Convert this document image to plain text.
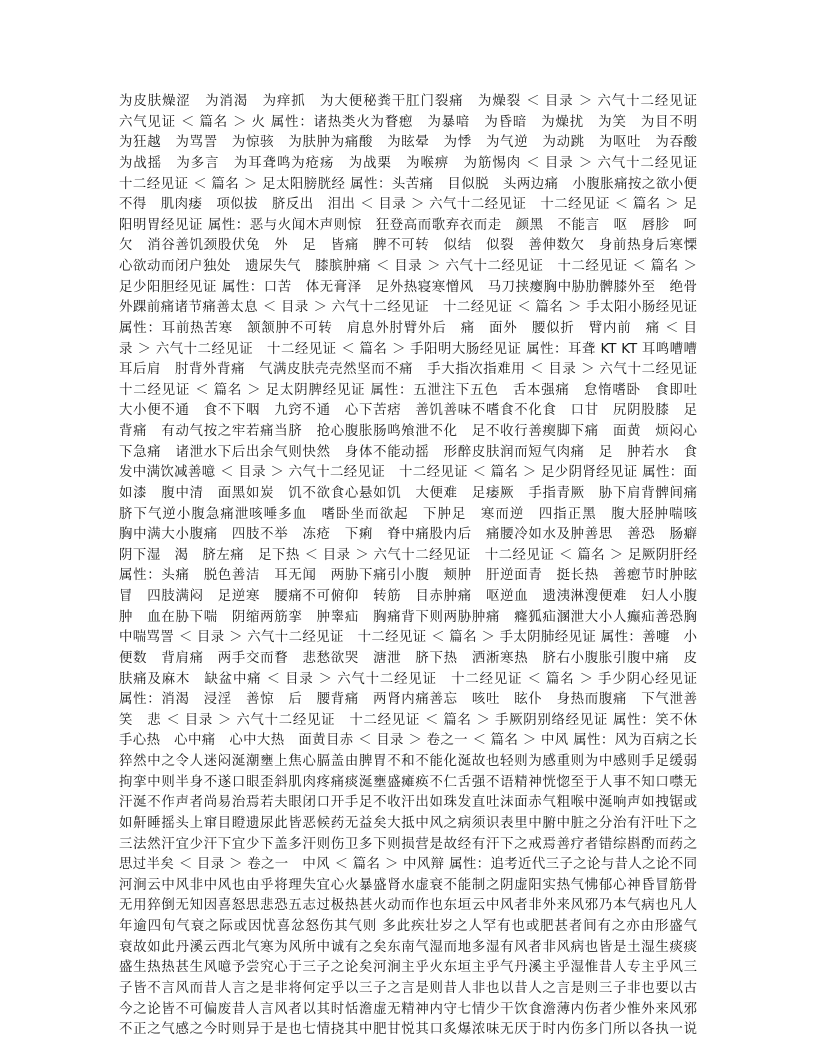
为皮肤燥涩　为消渴　为痒抓　为大便秘粪干肛门裂痛　为燥裂 ＜ 目录 ＞ 六气十二经见证

六气见证 ＜ 篇名 ＞ 火 属性：诸热类火为瞀瘛　为暴喑　为昏暗　为燥扰　为笑　为目不明

为狂越　为骂詈　为惊骇　为肤肿为痛酸　为眩晕　为悸　为气逆　为动跳　为呕吐　为吞酸

为战摇　为多言　为耳聋鸣为疮疡　为战栗　为喉痹　为筋惕肉 ＜ 目录 ＞ 六气十二经见证

十二经见证 ＜ 篇名 ＞ 足太阳膀胱经 属性：头苦痛　目似脱　头两边痛　小腹胀痛按之欲小便

不得　肌肉痿　项似拔　脐反出　泪出 ＜ 目录 ＞ 六气十二经见证　十二经见证 ＜ 篇名 ＞ 足

阳明胃经见证 属性：恶与火闻木声则惊　狂登高而歌弃衣而走　颜黑　不能言　呕　唇胗　呵

欠　消谷善饥颈股伏兔　外　足　皆痛　脾不可转　似结　似裂　善伸数欠　身前热身后寒慄

心欲动而闭户独处　遗尿失气　膝膑肿痛 ＜ 目录 ＞ 六气十二经见证　十二经见证 ＜ 篇名 ＞

足少阳胆经见证 属性：口苦　体无膏泽　足外热寝寒憎风　马刀挟瘿胸中胁肋髀膝外至　绝骨

外踝前痛诸节痛善太息 ＜ 目录 ＞ 六气十二经见证　十二经见证 ＜ 篇名 ＞ 手太阳小肠经见证

属性：耳前热苦寒　颔颔肿不可转　肩息外肘臂外后　痛　面外　腰似折　臂内前　痛 ＜ 目

录 ＞ 六气十二经见证　十二经见证 ＜ 篇名 ＞ 手阳明大肠经见证 属性：耳聋 KT KT 耳鸣嘈嘈

耳后肩　肘背外背痛　气满皮肤壳壳然坚而不痛　手大指次指难用 ＜ 目录 ＞ 六气十二经见证

十二经见证 ＜ 篇名 ＞ 足太阴脾经见证 属性：五泄注下五色　舌本强痛　怠惰嗜卧　食即吐

大小便不通　食不下咽　九窍不通　心下苦痞　善饥善味不嗜食不化食　口甘　尻阴股膝　足

背痛　有动气按之牢若痛当脐　抢心腹胀肠鸣飧泄不化　足不收行善瘈脚下痛　面黄　烦闷心

下急痛　诸泄水下后出余气则快然　身体不能动摇　形醉皮肤润而短气肉痛　足　肿若水　食

发中满饮减善噫 ＜ 目录 ＞ 六气十二经见证　十二经见证 ＜ 篇名 ＞ 足少阴肾经见证 属性：面

如漆　腹中清　面黑如炭　饥不欲食心悬如饥　大便难　足痿厥　手指青厥　胁下肩背髀间痛

脐下气逆小腹急痛泄咳唾多血　嗜卧坐而欲起　下肿足　寒而逆　四指正黑　腹大胫肿喘咳

胸中满大小腹痛　四肢不举　冻疮　下痢　脊中痛股内后　痛腰冷如水及肿善思　善恐　肠癖

阴下湿　渴　脐左痛　足下热 ＜ 目录 ＞ 六气十二经见证　十二经见证 ＜ 篇名 ＞ 足厥阴肝经

属性：头痛　脱色善洁　耳无闻　两胁下痛引小腹　颊肿　肝逆面青　挺长热　善瘛节时肿眩

冒　四肢满闷　足逆寒　腰痛不可俯仰　转筋　目赤肿痛　呕逆血　遗洟淋溲便难　妇人小腹

肿　血在胁下喘　阴缩两筋挛　肿睾疝　胸痛背下则两胁肿痛　癃狐疝溷泄大小人癫疝善恐胸

中喘骂詈 ＜ 目录 ＞ 六气十二经见证　十二经见证 ＜ 篇名 ＞ 手太阴肺经见证 属性：善嚏　小

便数　背肩痛　两手交而瞀　悲愁欲哭　溏泄　脐下热　洒淅寒热　脐右小腹胀引腹中痛　皮

肤痛及麻木　缺盆中痛 ＜ 目录 ＞ 六气十二经见证　十二经见证 ＜ 篇名 ＞ 手少阴心经见证

属性：消渴　浸淫　善惊　后　腰背痛　两肾内痛善忘　咳吐　眩仆　身热而腹痛　下气泄善

笑　悲 ＜ 目录 ＞ 六气十二经见证　十二经见证 ＜ 篇名 ＞ 手厥阴别络经见证 属性：笑不休

手心热　心中痛　心中大热　面黄目赤 ＜ 目录 ＞ 卷之一 ＜ 篇名 ＞ 中风 属性：风为百病之长

猝然中之令人迷闷涎潮壅上焦心膈盖由脾胃不和不能化涎故也轻则为感重则为中感则手足缓弱

拘挛中则半身不遂口眼歪斜肌肉疼痛痰涎壅盛瘫痪不仁舌强不语精神恍惚至于人事不知口噤无

汗涎不作声者尚易治焉若夫眼闭口开手足不收汗出如珠发直吐沫面赤气粗喉中涎响声如拽锯或

如鼾睡摇头上窜目瞪遗尿此皆恶候药无益矣大抵中风之病须识表里中腑中脏之分治有汗吐下之

三法然汗宜少汗下宜少下盖多汗则伤卫多下则损营是故经有汗下之戒焉善疗者错综斟酌而药之

思过半矣 ＜ 目录 ＞ 卷之一　中风 ＜ 篇名 ＞ 中风辩 属性：追考近代三子之论与昔人之论不同

河涧云中风非中风也由乎将理失宜心火暴盛肾水虚衰不能制之阴虚阳实热气怫郁心神昏冒筋骨

无用猝倒无知因喜怒思悲恐五志过极热甚火动而作也东垣云中风者非外来风邪乃本气病也凡人

年逾四旬气衰之际或因忧喜忿怒伤其气则 多此疾壮岁之人罕有也或肥甚者间有之亦由形盛气

衰故如此丹溪云西北气寒为风所中诚有之矣东南气湿而地多湿有风者非风病也皆是土湿生痰痰

盛生热热甚生风噫予尝究心于三子之论矣河涧主乎火东垣主乎气丹溪主乎湿惟昔人专主乎风三

子皆不言风而昔人言之是非将何定乎以三子之言是则昔人非也以昔人之言是则三子非也要以古

今之论皆不可偏废昔人言风者以其时恬澹虚无精神内守七情少干饮食澹薄内伤者少惟外来风邪

不正之气感之今时则异于是也七情挠其中肥甘悦其口炙爆浓味无厌于时内伤多门所以各执一说
